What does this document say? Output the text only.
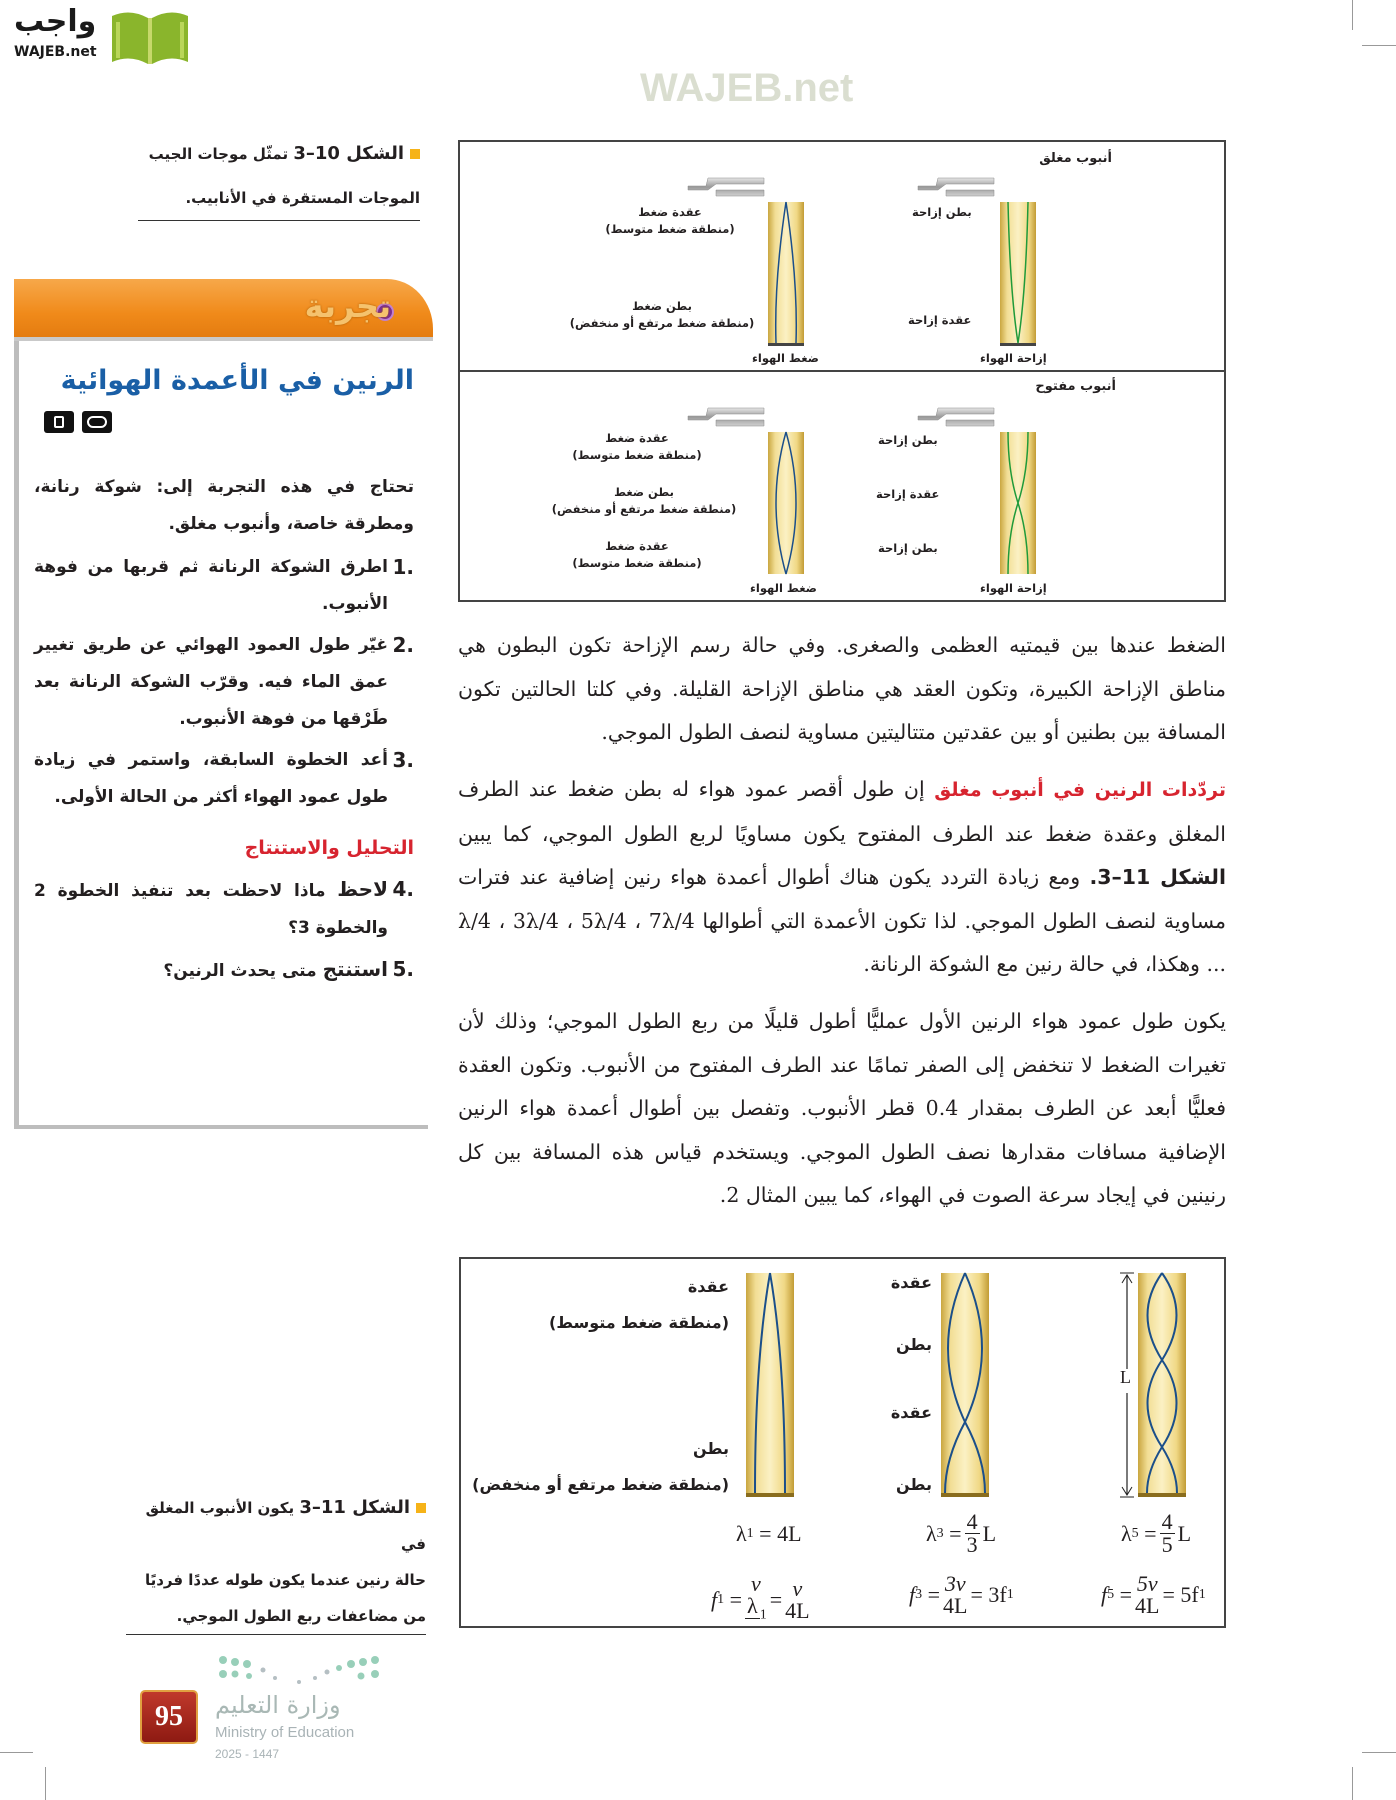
واجب
WAJEB.net
WAJEB.net
الشكل 10–3 تمثّل موجات الجيب
الموجات المستقرة في الأنابيب.
تجربة
الرنين في الأعمدة الهوائية

تحتاج في هذه التجربة إلى: شوكة رنانة، ومطرقة خاصة، وأنبوب مغلق.

.1
اطرق الشوكة الرنانة ثم قربها من فوهة الأنبوب.
.2
غيّر طول العمود الهوائي عن طريق تغيير عمق الماء فيه. وقرّب الشوكة الرنانة بعد طَرْقها من فوهة الأنبوب.
.3
أعد الخطوة السابقة، واستمر في زيادة طول عمود الهواء أكثر من الحالة الأولى.
التحليل والاستنتاج
.4
لاحظ ماذا لاحظت بعد تنفيذ الخطوة 2 والخطوة 3؟
.5
استنتج متى يحدث الرنين؟
أنبوب مغلق
بطن إزاحة
عقدة إزاحة
إزاحة الهواء
عقدة ضغط
(منطقة ضغط متوسط)
بطن ضغط
(منطقة ضغط مرتفع أو منخفض)
ضغط الهواء
أنبوب مفتوح
بطن إزاحة
عقدة إزاحة
بطن إزاحة
إزاحة الهواء
عقدة ضغط
(منطقة ضغط متوسط)
بطن ضغط
(منطقة ضغط مرتفع أو منخفض)
عقدة ضغط
(منطقة ضغط متوسط)
ضغط الهواء
الضغط عندها بين قيمتيه العظمى والصغرى. وفي حالة رسم الإزاحة تكون البطون هي مناطق الإزاحة الكبيرة، وتكون العقد هي مناطق الإزاحة القليلة. وفي كلتا الحالتين تكون المسافة بين بطنين أو بين عقدتين متتاليتين مساوية لنصف الطول الموجي.
تردّدات الرنين في أنبوب مغلق إن طول أقصر عمود هواء له بطن ضغط عند الطرف المغلق وعقدة ضغط عند الطرف المفتوح يكون مساويًا لربع الطول الموجي، كما يبين الشكل 11–3. ومع زيادة التردد يكون هناك أطوال أعمدة هواء رنين إضافية عند فترات مساوية لنصف الطول الموجي. لذا تكون الأعمدة التي أطوالها λ/4 ، 3λ/4 ، 5λ/4 ، 7λ/4 ... وهكذا، في حالة رنين مع الشوكة الرنانة.
يكون طول عمود هواء الرنين الأول عمليًّا أطول قليلًا من ربع الطول الموجي؛ وذلك لأن تغيرات الضغط لا تنخفض إلى الصفر تمامًا عند الطرف المفتوح من الأنبوب. وتكون العقدة فعليًّا أبعد عن الطرف بمقدار 0.4 قطر الأنبوب. وتفصل بين أطوال أعمدة هواء الرنين الإضافية مسافات مقدارها نصف الطول الموجي. ويستخدم قياس هذه المسافة بين كل رنينين في إيجاد سرعة الصوت في الهواء، كما يبين المثال 2.
L
عقدة
(منطقة ضغط متوسط)
بطن
(منطقة ضغط مرتفع أو منخفض)
عقدة
بطن
عقدة
بطن
λ 1
= 4L	λ 3
= $\frac{4}{3}$ L	λ 5
= $\frac{4}{5}$ L
f 1
=
v
λ $_1$
= v
4L
f 3
= 3v
4L = 3f 1	f 5
= 5v
4L = 5f 1
الشكل 11–3 يكون الأنبوب المغلق في
حالة رنين عندما يكون طوله عددًا فرديًا
من مضاعفات ربع الطول الموجي.
95	وزارة التعليم
Ministry of Education
2025 - 1447
